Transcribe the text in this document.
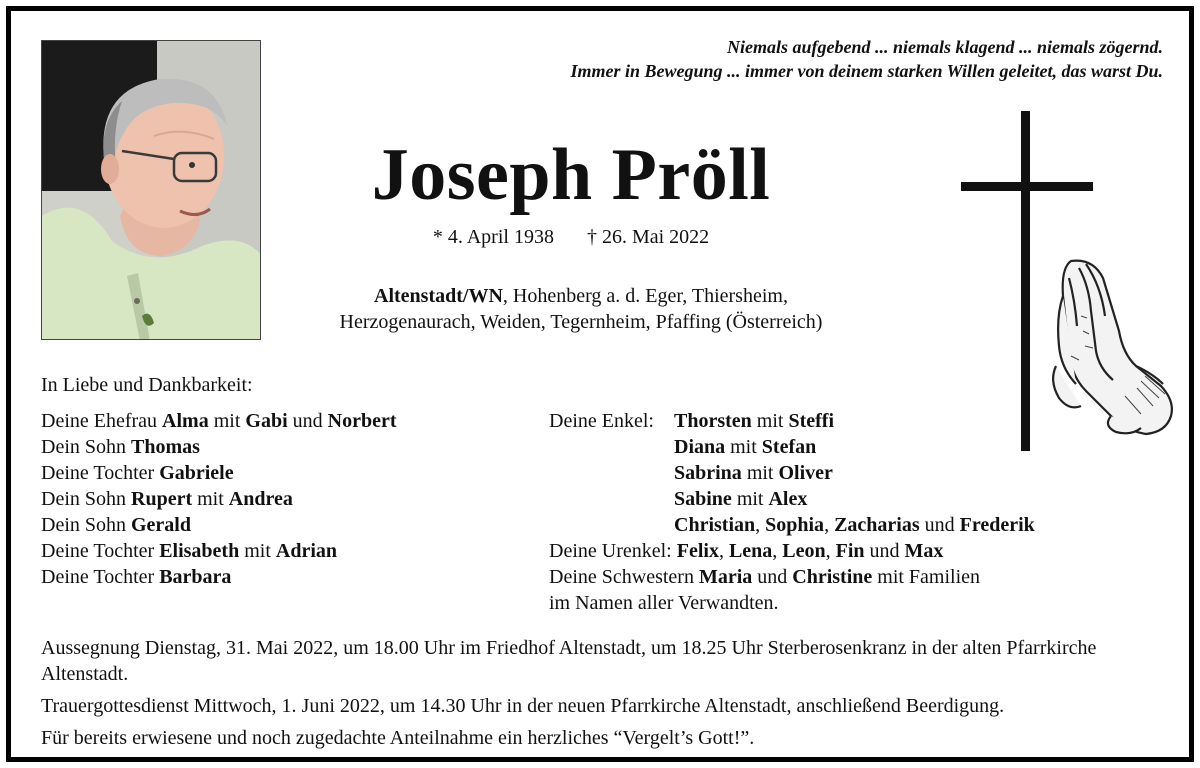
Niemals aufgebend ... niemals klagend ... niemals zögernd.
Immer in Bewegung ... immer von deinem starken Willen geleitet, das warst Du.
Joseph Pröll
* 4. April 1938 † 26. Mai 2022
Altenstadt/WN, Hohenberg a. d. Eger, Thiersheim,
Herzogenaurach, Weiden, Tegernheim, Pfaffing (Österreich)
In Liebe und Dankbarkeit:
Deine Ehefrau Alma mit Gabi und Norbert
Dein Sohn Thomas
Deine Tochter Gabriele
Dein Sohn Rupert mit Andrea
Dein Sohn Gerald
Deine Tochter Elisabeth mit Adrian
Deine Tochter Barbara
Deine Enkel:Thorsten mit Steffi
Diana mit Stefan
Sabrina mit Oliver
Sabine mit Alex
Christian, Sophia, Zacharias und Frederik
Deine Urenkel: Felix, Lena, Leon, Fin und Max
Deine Schwestern Maria und Christine mit Familien
im Namen aller Verwandten.

Aussegnung Dienstag, 31. Mai 2022, um 18.00 Uhr im Friedhof Altenstadt, um 18.25 Uhr Sterberosenkranz in der alten Pfarrkirche Altenstadt.

Trauergottesdienst Mittwoch, 1. Juni 2022, um 14.30 Uhr in der neuen Pfarrkirche Altenstadt, anschließend Beerdigung.

Für bereits erwiesene und noch zugedachte Anteilnahme ein herzliches “Vergelt’s Gott!”.
